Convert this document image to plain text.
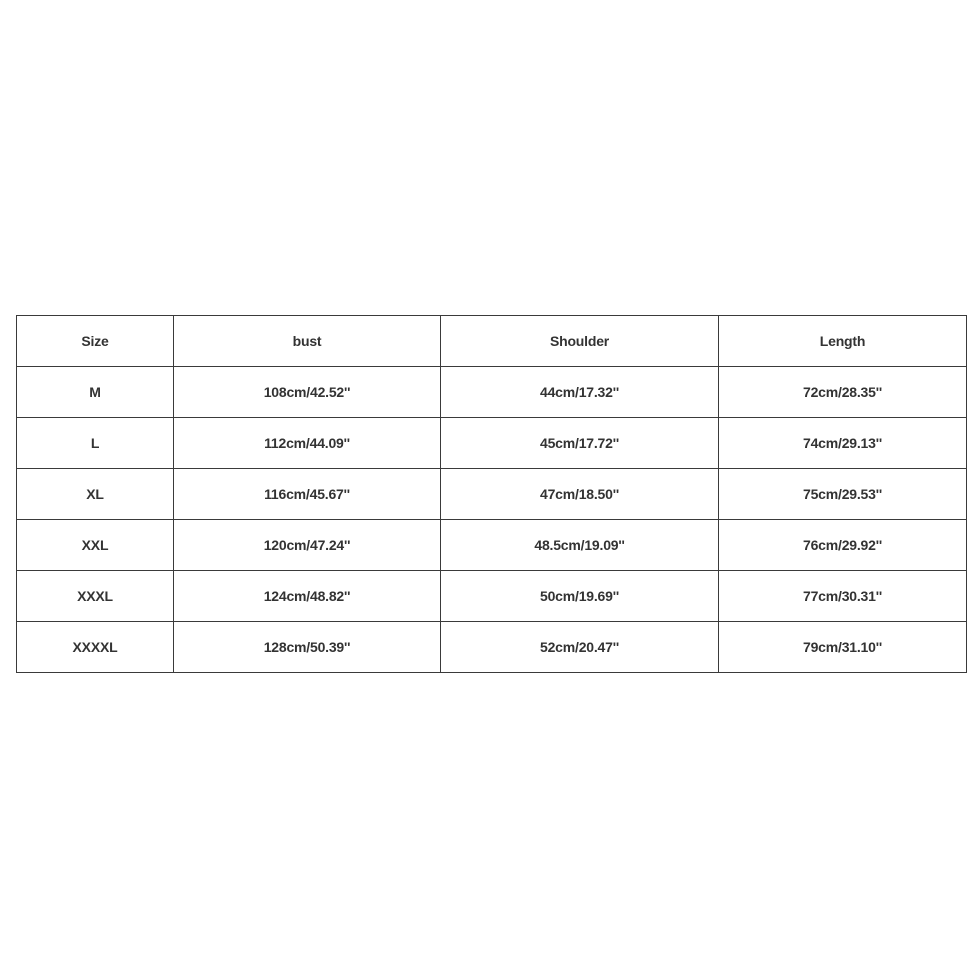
Size	bust	Shoulder	Length
M	108cm/42.52''	44cm/17.32''	72cm/28.35''
L	112cm/44.09''	45cm/17.72''	74cm/29.13''
XL	116cm/45.67''	47cm/18.50''	75cm/29.53''
XXL	120cm/47.24''	48.5cm/19.09''	76cm/29.92''
XXXL	124cm/48.82''	50cm/19.69''	77cm/30.31''
XXXXL	128cm/50.39''	52cm/20.47''	79cm/31.10''
